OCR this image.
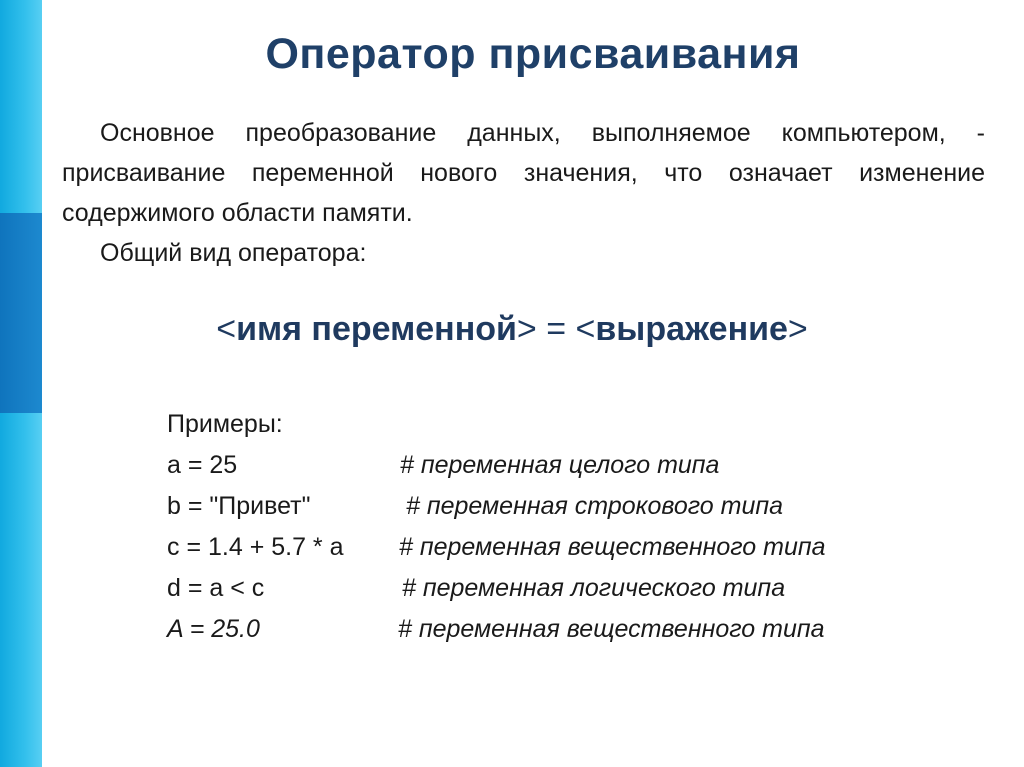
Оператор присваивания
Основное преобразование данных, выполняемое компьютером, - присваивание переменной нового значения, что означает изменение содержимого области памяти.
Общий вид оператора:
<имя переменной> = <выражение>
Примеры:
a = 25	# переменная целого типа
b = "Привет"	# переменная строкового типа
c = 1.4 + 5.7 * a # переменная вещественного типа
d = a < c	# переменная логического типа
A = 25.0	# переменная вещественного типа
